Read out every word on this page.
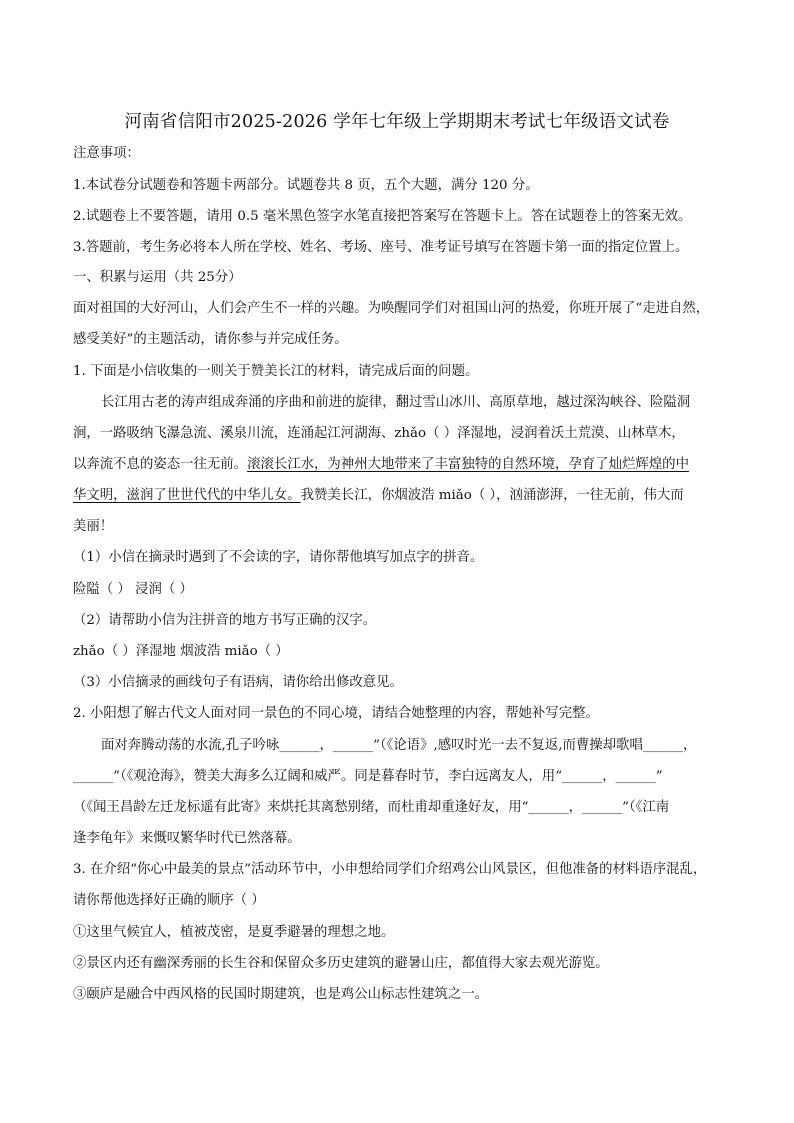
河南省信阳市2025-2026 学年七年级上学期期末考试七年级语文试卷
注意事项：
1.本试卷分试题卷和答题卡两部分。试题卷共 8 页，五个大题，满分 120 分。
2.试题卷上不要答题，请用 0.5 毫米黑色签字水笔直接把答案写在答题卡上。答在试题卷上的答案无效。
3.答题前，考生务必将本人所在学校、姓名、考场、座号、准考证号填写在答题卡第一面的指定位置上。
一、积累与运用（共 25分）
面对祖国的大好河山，人们会产生不一样的兴趣。为唤醒同学们对祖国山河的热爱，你班开展了“走进自然，
感受美好”的主题活动，请你参与并完成任务。
1. 下面是小信收集的一则关于赞美长江的材料，请完成后面的问题。
长江用古老的涛声组成奔涌的序曲和前进的旋律，翻过雪山冰川、高原草地，越过深沟峡谷、险隘洞
涧，一路吸纳飞瀑急流、溪泉川流，连涌起江河湖海、zhǎo（ ）泽湿地，浸润着沃土荒漠、山林草木，
以奔流不息的姿态一往无前。滚滚长江水，为神州大地带来了丰富独特的自然环境，孕育了灿烂辉煌的中
华文明，滋润了世世代代的中华儿女。我赞美长江，你烟波浩 miǎo（ ），汹涌澎湃，一往无前，伟大而
美丽！
（1）小信在摘录时遇到了不会读的字，请你帮他填写加点字的拼音。
险隘（ ） 浸润（ ）
（2）请帮助小信为注拼音的地方书写正确的汉字。
zhǎo（ ）泽湿地 烟波浩 miǎo（ ）
（3）小信摘录的画线句子有语病，请你给出修改意见。
2. 小阳想了解古代文人面对同一景色的不同心境，请结合她整理的内容，帮她补写完整。
面对奔腾动荡的水流,孔子吟咏______，______”（《论语》,感叹时光一去不复返,而曹操却歌唱______，
______”（《观沧海》，赞美大海多么辽阔和威严。同是暮春时节，李白远离友人，用“______，______”
（《闻王昌龄左迁龙标遥有此寄》来烘托其离愁别绪，而杜甫却重逢好友，用“______，______”（《江南
逢李龟年》来慨叹繁华时代已然落幕。
3. 在介绍“你心中最美的景点”活动环节中，小申想给同学们介绍鸡公山风景区，但他准备的材料语序混乱，
请你帮他选择好正确的顺序（ ）
①这里气候宜人，植被茂密，是夏季避暑的理想之地。
②景区内还有幽深秀丽的长生谷和保留众多历史建筑的避暑山庄，都值得大家去观光游览。
③颐庐是融合中西风格的民国时期建筑，也是鸡公山标志性建筑之一。
